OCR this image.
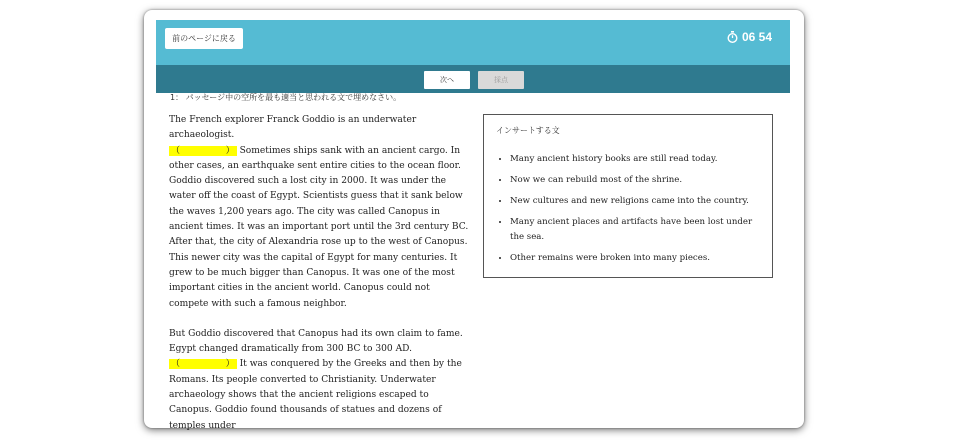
前のページに戻る	06 54
次へ	採点
1： パッセージ中の空所を最も適当と思われる文で埋めなさい。

The French explorer Franck Goddio is an underwater archaeologist.
（　　　　　） Sometimes ships sank with an ancient cargo. In other cases, an earthquake sent entire cities to the ocean floor. Goddio discovered such a lost city in 2000. It was under the water off the coast of Egypt. Scientists guess that it sank below the waves 1,200 years ago. The city was called Canopus in ancient times. It was an important port until the 3rd century BC. After that, the city of Alexandria rose up to the west of Canopus. This newer city was the capital of Egypt for many centuries. It grew to be much bigger than Canopus. It was one of the most important cities in the ancient world. Canopus could not compete with such a famous neighbor.

But Goddio discovered that Canopus had its own claim to fame. Egypt changed dramatically from 300 BC to 300 AD.
（　　　　　） It was conquered by the Greeks and then by the Romans. Its people converted to Christianity. Underwater archaeology shows that the ancient religions escaped to Canopus. Goddio found thousands of statues and dozens of temples under

インサートする文
• Many ancient history books are still read today.
• Now we can rebuild most of the shrine.
• New cultures and new religions came into the country.
• Many ancient places and artifacts have been lost under the sea.
• Other remains were broken into many pieces.
